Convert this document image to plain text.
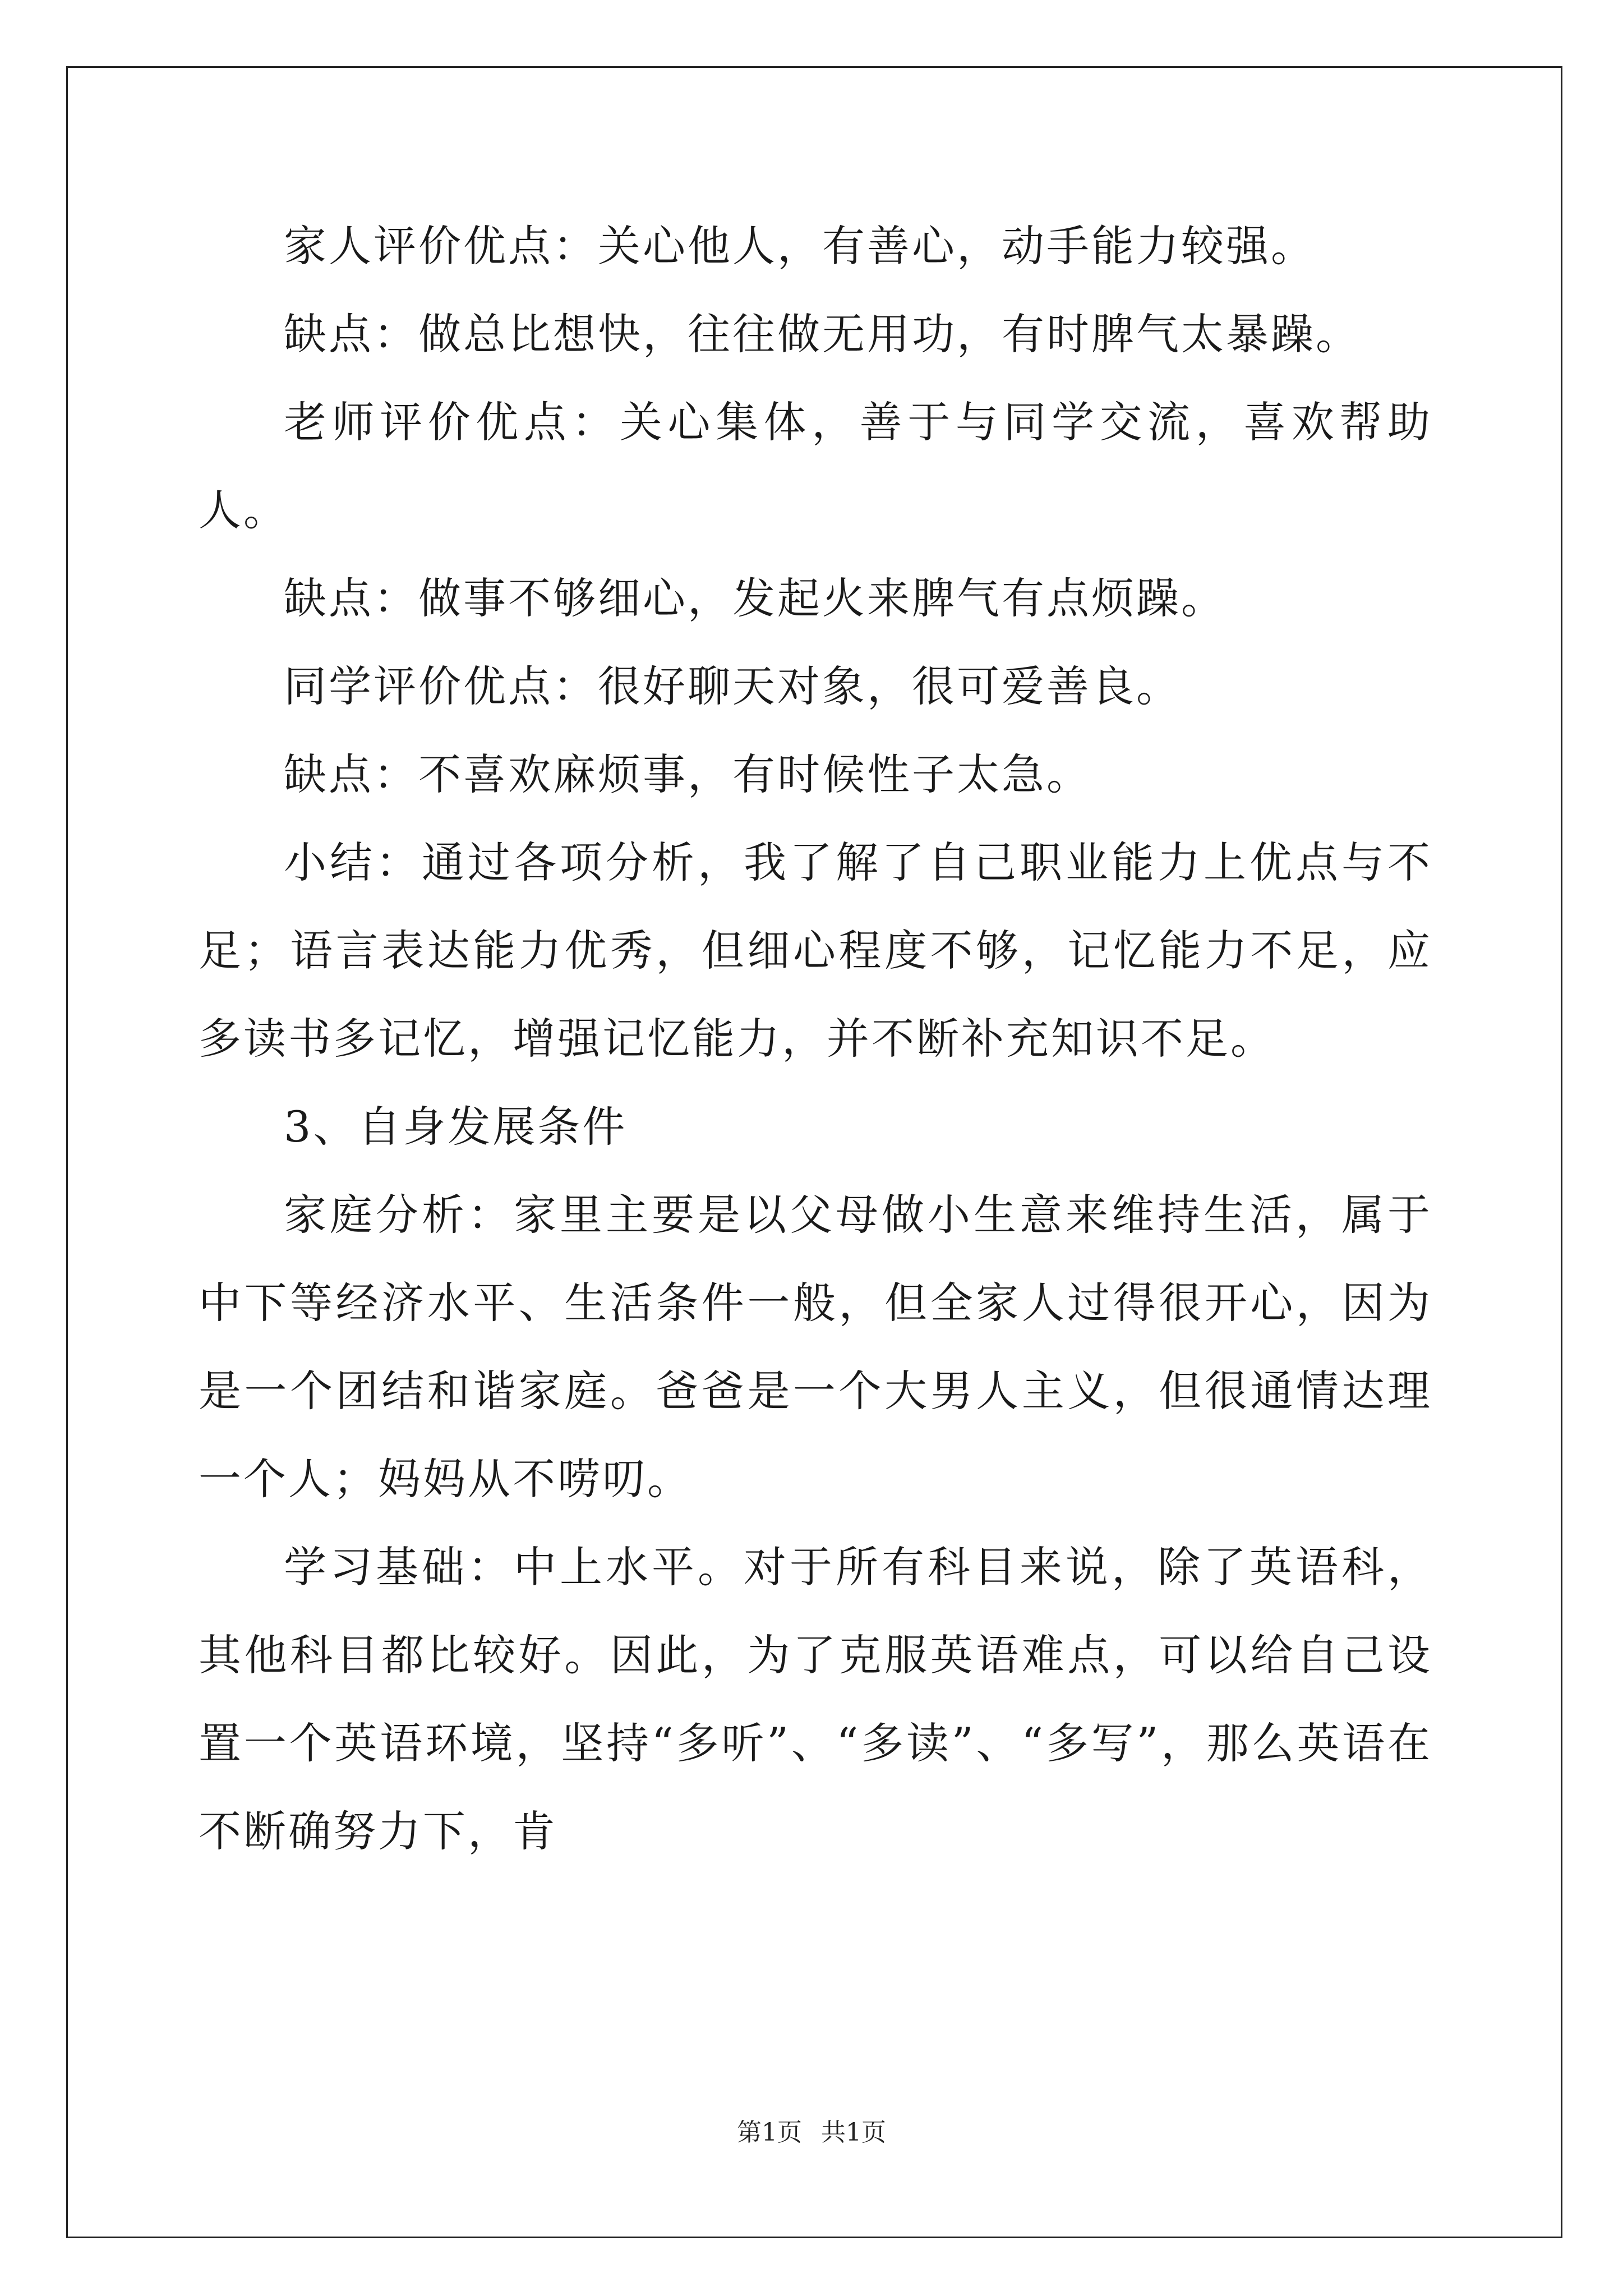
家人评价优点：关心他人，有善心，动手能力较强。

缺点：做总比想快，往往做无用功，有时脾气太暴躁。

老师评价优点：关心集体，善于与同学交流，喜欢帮助人。

缺点：做事不够细心，发起火来脾气有点烦躁。

同学评价优点：很好聊天对象，很可爱善良。

缺点：不喜欢麻烦事，有时候性子太急。

小结：通过各项分析，我了解了自己职业能力上优点与不足；语言表达能力优秀，但细心程度不够，记忆能力不足，应多读书多记忆，增强记忆能力，并不断补充知识不足。

3、自身发展条件

家庭分析：家里主要是以父母做小生意来维持生活，属于中下等经济水平、生活条件一般，但全家人过得很开心，因为是一个团结和谐家庭。爸爸是一个大男人主义，但很通情达理一个人；妈妈从不唠叨。

学习基础：中上水平。对于所有科目来说，除了英语科，其他科目都比较好。因此，为了克服英语难点，可以给自己设置一个英语环境，坚持“多听”、“多读”、“多写”，那么英语在不断确努力下，肯

第1页 共1页
